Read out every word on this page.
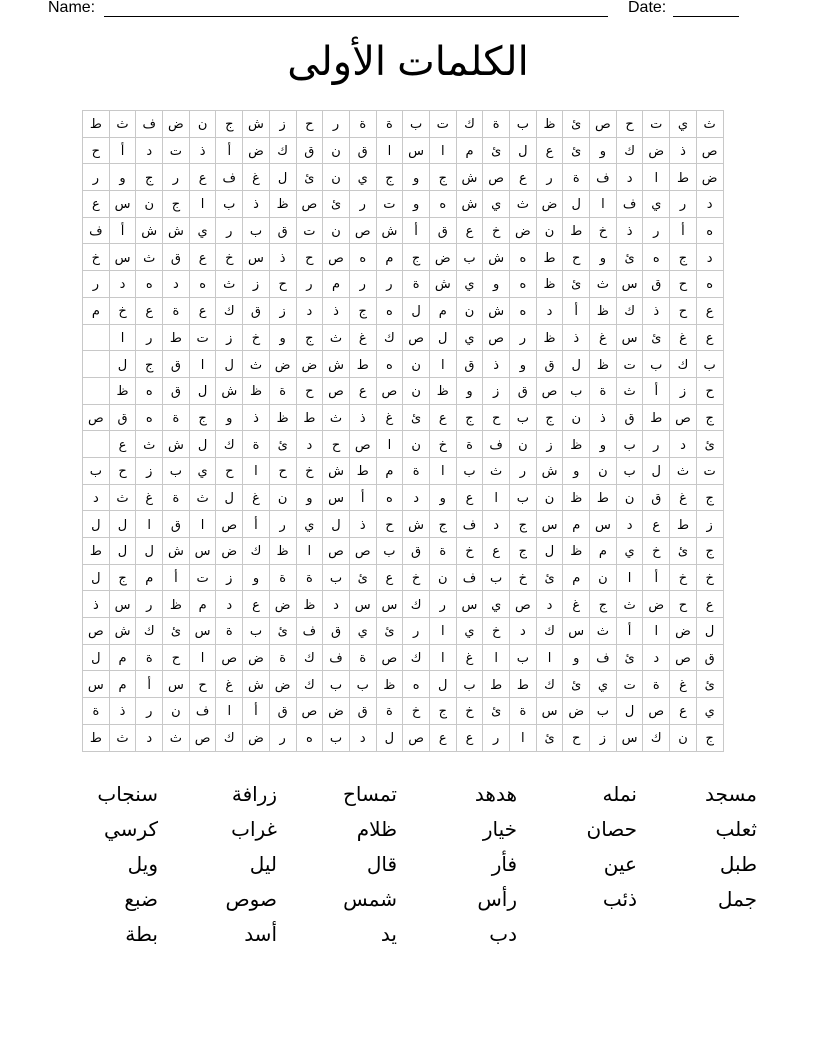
Name:	Date:
الكلمات الأولى
ط	ث	ف	ض	ن	ج	ش	ز	ح	ر	ة	ة	ب	ت	ك	ة	ب	ظ	ئ	ص	ح	ت	ي	ث
ح	أ	د	ت	ذ	أ	ض	ك	ق	ن	ق	ا	س	ا	م	ئ	ل	ع	ئ	و	ك	ض	ذ	ص
ر	و	ج	ر	ع	ف	غ	ل	ئ	ن	ي	ج	و	ج	ش	ص	ع	ر	ة	ف	د	ا	ط	ض
ع	س	ن	ج	ا	ب	ذ	ظ	ص	ئ	ر	ت	و	ه	ش	ي	ث	ض	ل	ا	ف	ي	ر	د
ف	أ	ش	ش	ي	ر	ب	ق	ت	ن	ص	ش	أ	ق	ع	خ	ض	ن	ط	خ	ذ	ر	أ	ه
خ	س	ث	ق	ع	خ	س	ذ	ح	ص	ه	م	ج	ض	ب	ش	ه	ط	ح	و	ئ	ه	ج	د
ر	د	ه	د	ه	ث	ز	ح	ر	م	ر	ر	ة	ش	ي	و	ه	ظ	ئ	ث	س	ق	ح	ه
م	خ	ع	ة	ع	ك	ق	ز	د	ذ	ج	ه	ل	م	ن	ش	ه	د	أ	ظ	ك	ذ	ح	ع
	ا	ر	ط	ت	ز	خ	و	ج	ث	غ	ك	ص	ل	ي	ص	ر	ظ	ذ	غ	س	ئ	غ	ع
	ل	ج	ق	ا	ل	ث	ض	ض	ش	ط	ه	ن	ا	ق	ذ	و	ق	ل	ظ	ت	ب	ك	ب
	ظ	ه	ق	ل	ش	ظ	ة	ح	ص	ع	ص	ن	ظ	و	ز	ق	ص	ب	ة	ث	أ	ز	ح
ص	ق	ه	ة	ج	و	ذ	ظ	ط	ث	ذ	غ	ئ	ع	ج	ح	ب	ج	ن	ذ	ق	ط	ص	ج
	ع	ث	ش	ل	ك	ة	ئ	د	ح	ص	ا	ن	خ	ة	ف	ن	ز	ظ	و	ب	ر	د	ئ
ب	ح	ز	ب	ي	ح	ا	ح	خ	ش	ط	م	ة	ا	ب	ث	ر	ش	و	ن	ب	ل	ث	ت
د	ث	غ	ة	ث	ل	غ	ن	و	س	أ	ه	د	و	ع	ا	ب	ن	ظ	ط	ن	ق	غ	ج
ل	ل	ا	ق	ا	ص	أ	ر	ي	ل	ذ	ح	ش	ج	ف	د	ج	س	م	س	د	ع	ط	ز
ط	ل	ل	ش	س	ض	ك	ظ	ا	ص	ص	ب	ق	ة	خ	ع	ج	ل	ظ	م	ي	خ	ئ	ج
ل	ج	م	أ	ت	ز	و	ة	ة	ب	ئ	ع	خ	ن	ف	ب	خ	ئ	م	ن	ا	أ	خ	خ
ذ	س	ر	ظ	م	د	ع	ض	ظ	د	س	س	ك	ر	س	ي	ص	د	غ	ج	ث	ض	ح	ع
ص	ش	ك	ئ	س	ة	ب	ئ	ف	ق	ي	ئ	ر	ا	ي	خ	د	ك	س	ث	أ	ا	ض	ل
ل	م	ة	ح	ا	ص	ض	ة	ك	ف	ة	ص	ك	ا	غ	ا	ب	ا	و	ف	ئ	د	ص	ق
س	م	أ	س	ح	غ	ش	ض	ك	ب	ب	ظ	ه	ل	ب	ط	ط	ك	ئ	ي	ت	ة	غ	ئ
ة	ذ	ر	ن	ف	ا	أ	ق	ص	ض	ق	ة	خ	ج	خ	ئ	ة	س	ض	ب	ل	ص	ع	ي
ط	ث	د	ث	ص	ك	ض	ر	ه	ب	د	ل	ص	ع	ع	ر	ا	ئ	ح	ز	س	ك	ن	ج
سنجاب	زرافة	تمساح	هدهد	نمله	مسجد
كرسي	غراب	ظلام	خيار	حصان	ثعلب
ويل	ليل	قال	فأر	عين	طبل
ضبع	صوص	شمس	رأس	ذئب	جمل
بطة	أسد	يد	دب
